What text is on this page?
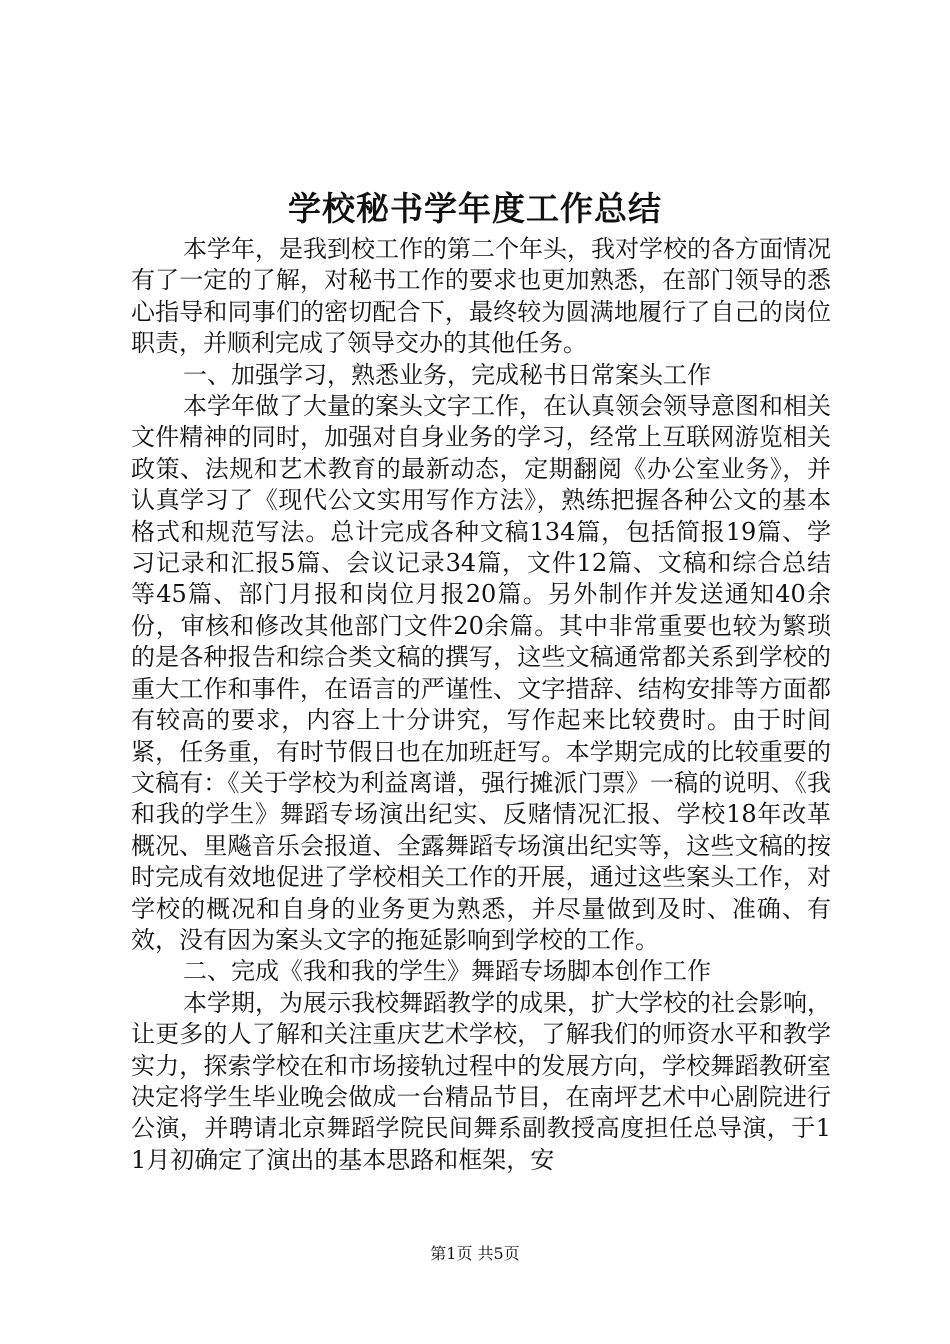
学校秘书学年度工作总结

本学年，是我到校工作的第二个年头，我对学校的各方面情况有了一定的了解，对秘书工作的要求也更加熟悉，在部门领导的悉心指导和同事们的密切配合下，最终较为圆满地履行了自己的岗位职责，并顺利完成了领导交办的其他任务。

一、加强学习，熟悉业务，完成秘书日常案头工作

本学年做了大量的案头文字工作，在认真领会领导意图和相关文件精神的同时，加强对自身业务的学习，经常上互联网游览相关政策、法规和艺术教育的最新动态，定期翻阅《办公室业务》，并认真学习了《现代公文实用写作方法》，熟练把握各种公文的基本格式和规范写法。总计完成各种文稿134篇，包括简报19篇、学习记录和汇报5篇、会议记录34篇，文件12篇、文稿和综合总结等45篇、部门月报和岗位月报20篇。另外制作并发送通知40余份，审核和修改其他部门文件20余篇。其中非常重要也较为繁琐的是各种报告和综合类文稿的撰写，这些文稿通常都关系到学校的重大工作和事件，在语言的严谨性、文字措辞、结构安排等方面都有较高的要求，内容上十分讲究，写作起来比较费时。由于时间紧，任务重，有时节假日也在加班赶写。本学期完成的比较重要的文稿有：《关于学校为利益离谱，强行摊派门票》一稿的说明、《我和我的学生》舞蹈专场演出纪实、反赌情况汇报、学校18年改革概况、里飚音乐会报道、全露舞蹈专场演出纪实等，这些文稿的按时完成有效地促进了学校相关工作的开展，通过这些案头工作，对学校的概况和自身的业务更为熟悉，并尽量做到及时、准确、有效，没有因为案头文字的拖延影响到学校的工作。

二、完成《我和我的学生》舞蹈专场脚本创作工作

本学期，为展示我校舞蹈教学的成果，扩大学校的社会影响，让更多的人了解和关注重庆艺术学校，了解我们的师资水平和教学实力，探索学校在和市场接轨过程中的发展方向，学校舞蹈教研室决定将学生毕业晚会做成一台精品节目，在南坪艺术中心剧院进行公演，并聘请北京舞蹈学院民间舞系副教授高度担任总导演，于11月初确定了演出的基本思路和框架，安

第1页 共5页
